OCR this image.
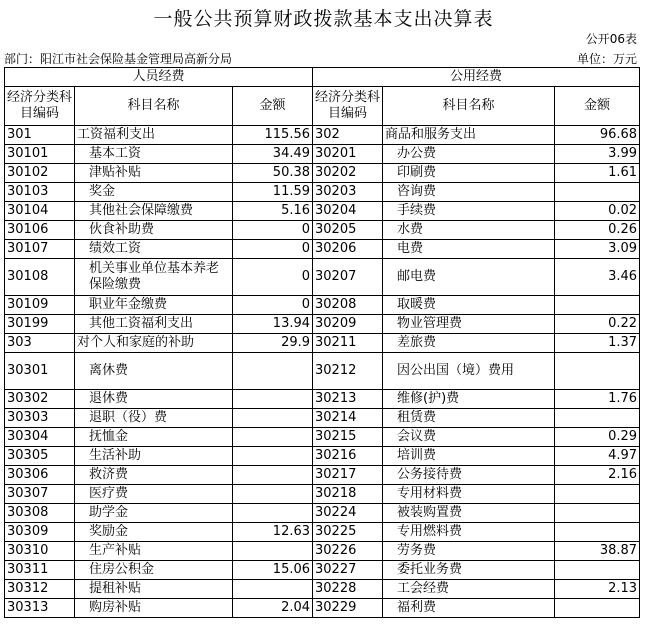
一般公共预算财政拨款基本支出决算表
公开06表
部门：阳江市社会保险基金管理局高新分局	单位：万元
人员经费			公用经费		
经济分类科目编码	科目名称	金额	经济分类科目编码	科目名称	金额
301	工资福利支出	115.56	302	商品和服务支出	96.68
30101	基本工资	34.49	30201	办公费	3.99
30102	津贴补贴	50.38	30202	印刷费	1.61
30103	奖金	11.59	30203	咨询费	
30104	其他社会保障缴费	5.16	30204	手续费	0.02
30106	伙食补助费	0	30205	水费	0.26
30107	绩效工资	0	30206	电费	3.09
30108	机关事业单位基本养老保险缴费	0	30207	邮电费	3.46
30109	职业年金缴费	0	30208	取暖费	
30199	其他工资福利支出	13.94	30209	物业管理费	0.22
303	对个人和家庭的补助	29.9	30211	差旅费	1.37
30301	离休费		30212	因公出国（境）费用	
30302	退休费		30213	维修(护)费	1.76
30303	退职（役）费		30214	租赁费	
30304	抚恤金		30215	会议费	0.29
30305	生活补助		30216	培训费	4.97
30306	救济费		30217	公务接待费	2.16
30307	医疗费		30218	专用材料费	
30308	助学金		30224	被装购置费	
30309	奖励金	12.63	30225	专用燃料费	
30310	生产补贴		30226	劳务费	38.87
30311	住房公积金	15.06	30227	委托业务费	
30312	提租补贴		30228	工会经费	2.13
30313	购房补贴	2.04	30229	福利费	
